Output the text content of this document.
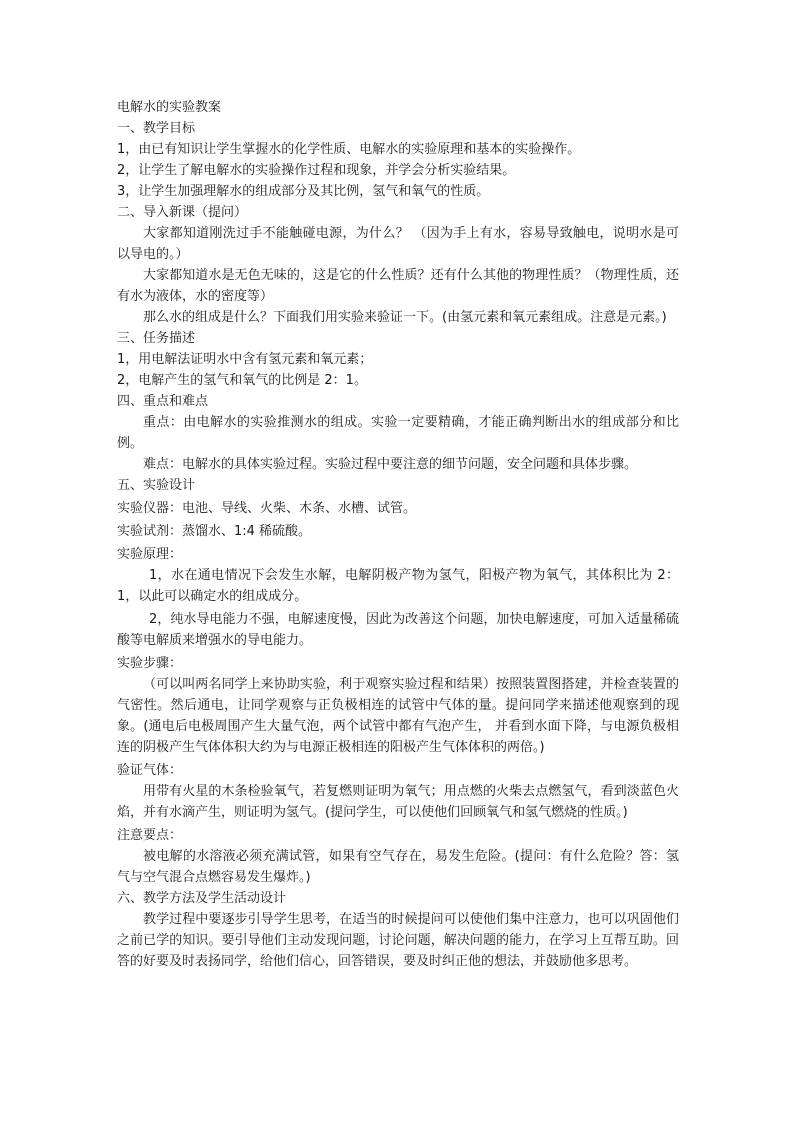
电解水的实验教案
一、教学目标
1，由已有知识让学生掌握水的化学性质、电解水的实验原理和基本的实验操作。
2，让学生了解电解水的实验操作过程和现象，并学会分析实验结果。
3，让学生加强理解水的组成部分及其比例，氢气和氧气的性质。
二、导入新课（提问）
大家都知道刚洗过手不能触碰电源，为什么？ （因为手上有水，容易导致触电，说明水是可以导电的。）
大家都知道水是无色无味的，这是它的什么性质？还有什么其他的物理性质？（物理性质，还有水为液体，水的密度等）
那么水的组成是什么？下面我们用实验来验证一下。(由氢元素和氧元素组成。注意是元素。)
三、任务描述
1，用电解法证明水中含有氢元素和氧元素；
2，电解产生的氢气和氧气的比例是 2：1。
四、重点和难点
重点：由电解水的实验推测水的组成。实验一定要精确，才能正确判断出水的组成部分和比例。
难点：电解水的具体实验过程。实验过程中要注意的细节问题，安全问题和具体步骤。
五、实验设计
实验仪器：电池、导线、火柴、木条、水槽、试管。
实验试剂：蒸馏水、1:4 稀硫酸。
实验原理：
1，水在通电情况下会发生水解，电解阴极产物为氢气，阳极产物为氧气，其体积比为 2：1，以此可以确定水的组成成分。
2，纯水导电能力不强，电解速度慢，因此为改善这个问题，加快电解速度，可加入适量稀硫酸等电解质来增强水的导电能力。
实验步骤：
（可以叫两名同学上来协助实验，利于观察实验过程和结果）按照装置图搭建，并检查装置的气密性。然后通电，让同学观察与正负极相连的试管中气体的量。提问同学来描述他观察到的现象。(通电后电极周围产生大量气泡，两个试管中都有气泡产生， 并看到水面下降，与电源负极相连的阴极产生气体体积大约为与电源正极相连的阳极产生气体体积的两倍。)
验证气体：
用带有火星的木条检验氧气，若复燃则证明为氧气；用点燃的火柴去点燃氢气，看到淡蓝色火焰，并有水滴产生，则证明为氢气。(提问学生，可以使他们回顾氧气和氢气燃烧的性质。)
注意要点：
被电解的水溶液必须充满试管，如果有空气存在，易发生危险。(提问：有什么危险？答：氢气与空气混合点燃容易发生爆炸。)
六、教学方法及学生活动设计
教学过程中要逐步引导学生思考，在适当的时候提问可以使他们集中注意力，也可以巩固他们之前已学的知识。要引导他们主动发现问题，讨论问题，解决问题的能力，在学习上互帮互助。回答的好要及时表扬同学，给他们信心，回答错误，要及时纠正他的想法，并鼓励他多思考。
